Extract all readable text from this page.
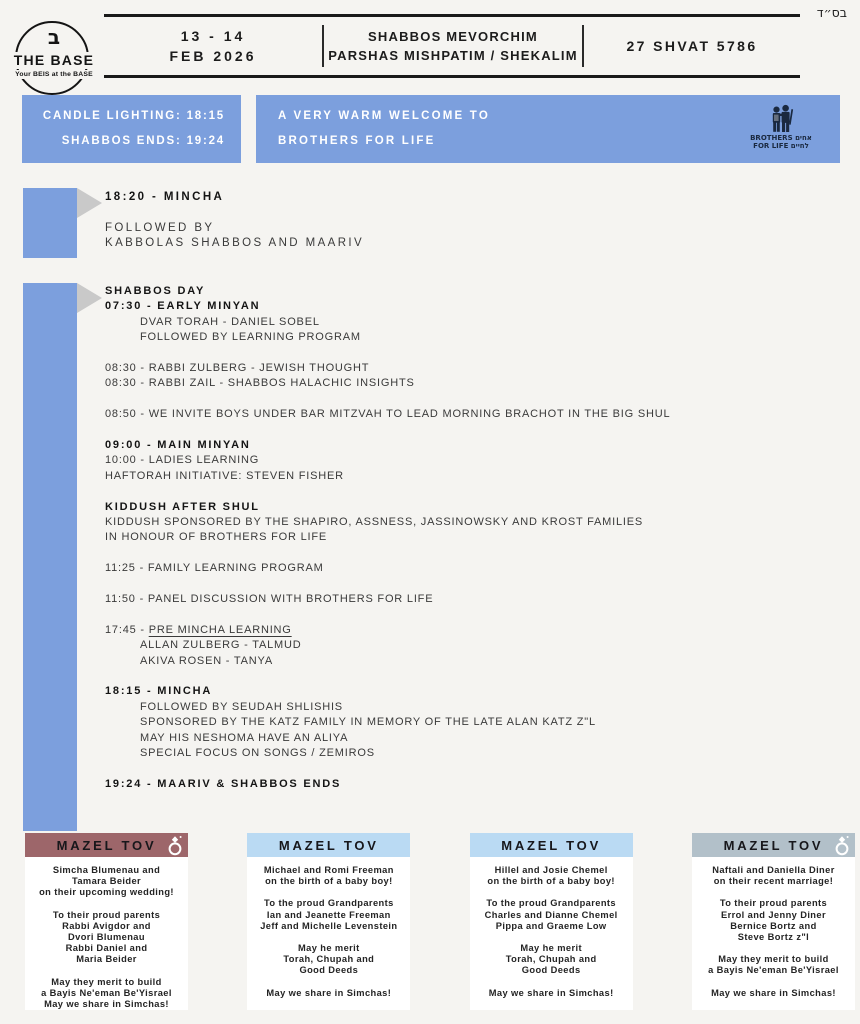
בס״ד
ב
THE BASE
Your BEIS at the BASE
13 - 14
FEB 2026
SHABBOS MEVORCHIM
PARSHAS MISHPATIM / SHEKALIM
27 SHVAT 5786
CANDLE LIGHTING: 18:15
SHABBOS ENDS: 19:24
A VERY WARM WELCOME TO
BROTHERS FOR LIFE	BROTHERS אחים
FOR LIFE לחיים
18:20 - MINCHA
FOLLOWED BY
KABBOLAS SHABBOS AND MAARIV
SHABBOS DAY
07:30 - EARLY MINYAN
DVAR TORAH - DANIEL SOBEL
FOLLOWED BY LEARNING PROGRAM
08:30 - RABBI ZULBERG - JEWISH THOUGHT
08:30 - RABBI ZAIL - SHABBOS HALACHIC INSIGHTS
08:50 - WE INVITE BOYS UNDER BAR MITZVAH TO LEAD MORNING BRACHOT IN THE BIG SHUL
09:00 - MAIN MINYAN
10:00 - LADIES LEARNING
HAFTORAH INITIATIVE: STEVEN FISHER
KIDDUSH AFTER SHUL
KIDDUSH SPONSORED BY THE SHAPIRO, ASSNESS, JASSINOWSKY AND KROST FAMILIES
IN HONOUR OF BROTHERS FOR LIFE
11:25 - FAMILY LEARNING PROGRAM
11:50 - PANEL DISCUSSION WITH BROTHERS FOR LIFE
17:45 - PRE MINCHA LEARNING
ALLAN ZULBERG - TALMUD
AKIVA ROSEN - TANYA
18:15 - MINCHA
FOLLOWED BY SEUDAH SHLISHIS
SPONSORED BY THE KATZ FAMILY IN MEMORY OF THE LATE ALAN KATZ Z"L
MAY HIS NESHOMA HAVE AN ALIYA
SPECIAL FOCUS ON SONGS / ZEMIROS
19:24 - MAARIV & SHABBOS ENDS
MAZEL TOV

Simcha Blumenau and
Tamara Beider
on their upcoming wedding!

To their proud parents
Rabbi Avigdor and
Dvori Blumenau
Rabbi Daniel and
Maria Beider

May they merit to build
a Bayis Ne'eman Be'Yisrael
May we share in Simchas!

MAZEL TOV

Michael and Romi Freeman
on the birth of a baby boy!

To the proud Grandparents
Ian and Jeanette Freeman
Jeff and Michelle Levenstein

May he merit
Torah, Chupah and
Good Deeds

May we share in Simchas!

MAZEL TOV

Hillel and Josie Chemel
on the birth of a baby boy!

To the proud Grandparents
Charles and Dianne Chemel
Pippa and Graeme Low

May he merit
Torah, Chupah and
Good Deeds

May we share in Simchas!

MAZEL TOV

Naftali and Daniella Diner
on their recent marriage!

To their proud parents
Errol and Jenny Diner
Bernice Bortz and
Steve Bortz z"l

May they merit to build
a Bayis Ne'eman Be'Yisrael

May we share in Simchas!
